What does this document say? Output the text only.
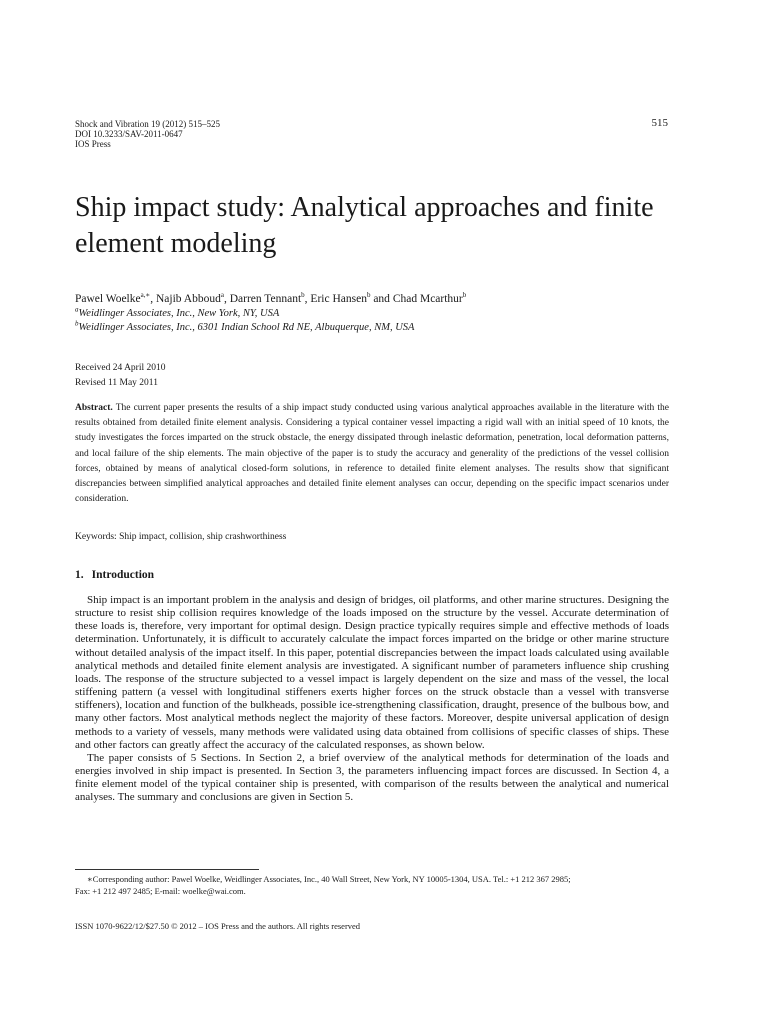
Shock and Vibration 19 (2012) 515–525
DOI 10.3233/SAV-2011-0647
IOS Press
515
Ship impact study: Analytical approaches and finite element modeling
Pawel Woelke$^{a,∗}$, Najib Abboud$^a$, Darren Tennant$^b$, Eric Hansen$^b$ and Chad Mcarthur$^b$
$^a$Weidlinger Associates, Inc., New York, NY, USA
$^b$Weidlinger Associates, Inc., 6301 Indian School Rd NE, Albuquerque, NM, USA
Received 24 April 2010
Revised 11 May 2011
Abstract. The current paper presents the results of a ship impact study conducted using various analytical approaches available in the literature with the results obtained from detailed finite element analysis. Considering a typical container vessel impacting a rigid wall with an initial speed of 10 knots, the study investigates the forces imparted on the struck obstacle, the energy dissipated through inelastic deformation, penetration, local deformation patterns, and local failure of the ship elements. The main objective of the paper is to study the accuracy and generality of the predictions of the vessel collision forces, obtained by means of analytical closed-form solutions, in reference to detailed finite element analyses. The results show that significant discrepancies between simplified analytical approaches and detailed finite element analyses can occur, depending on the specific impact scenarios under consideration.
Keywords: Ship impact, collision, ship crashworthiness
1. Introduction

Ship impact is an important problem in the analysis and design of bridges, oil platforms, and other marine structures. Designing the structure to resist ship collision requires knowledge of the loads imposed on the structure by the vessel. Accurate determination of these loads is, therefore, very important for optimal design. Design practice typically requires simple and effective methods of loads determination. Unfortunately, it is difficult to accurately calculate the impact forces imparted on the bridge or other marine structure without detailed analysis of the impact itself. In this paper, potential discrepancies between the impact loads calculated using available analytical methods and detailed finite element analysis are investigated. A significant number of parameters influence ship crushing loads. The response of the structure subjected to a vessel impact is largely dependent on the size and mass of the vessel, the local stiffening pattern (a vessel with longitudinal stiffeners exerts higher forces on the struck obstacle than a vessel with transverse stiffeners), location and function of the bulkheads, possible ice-strengthening classification, draught, presence of the bulbous bow, and many other factors. Most analytical methods neglect the majority of these factors. Moreover, despite universal application of design methods to a variety of vessels, many methods were validated using data obtained from collisions of specific classes of ships. These and other factors can greatly affect the accuracy of the calculated responses, as shown below.

The paper consists of 5 Sections. In Section 2, a brief overview of the analytical methods for determination of the loads and energies involved in ship impact is presented. In Section 3, the parameters influencing impact forces are discussed. In Section 4, a finite element model of the typical container ship is presented, with comparison of the results between the analytical and numerical analyses. The summary and conclusions are given in Section 5.

∗Corresponding author: Pawel Woelke, Weidlinger Associates, Inc., 40 Wall Street, New York, NY 10005-1304, USA. Tel.: +1 212 367 2985;
Fax: +1 212 497 2485; E-mail: woelke@wai.com.
ISSN 1070-9622/12/$27.50 © 2012 – IOS Press and the authors. All rights reserved
